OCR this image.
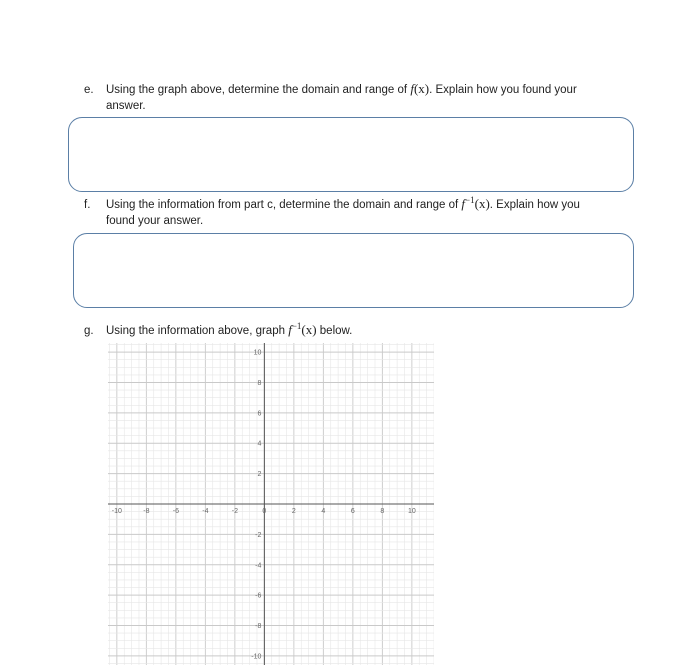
e. Using the graph above, determine the domain and range of f(x). Explain how you found your
answer.
f. Using the information from part c, determine the domain and range of $f^{-1}(x)$. Explain how you
found your answer.
g. Using the information above, graph $f^{-1}(x)$ below.
-10	-8	-6	-4	-2	0	2	4	6	8	10
10
8
6
4
2
-2
-4
-6
-8
-10
